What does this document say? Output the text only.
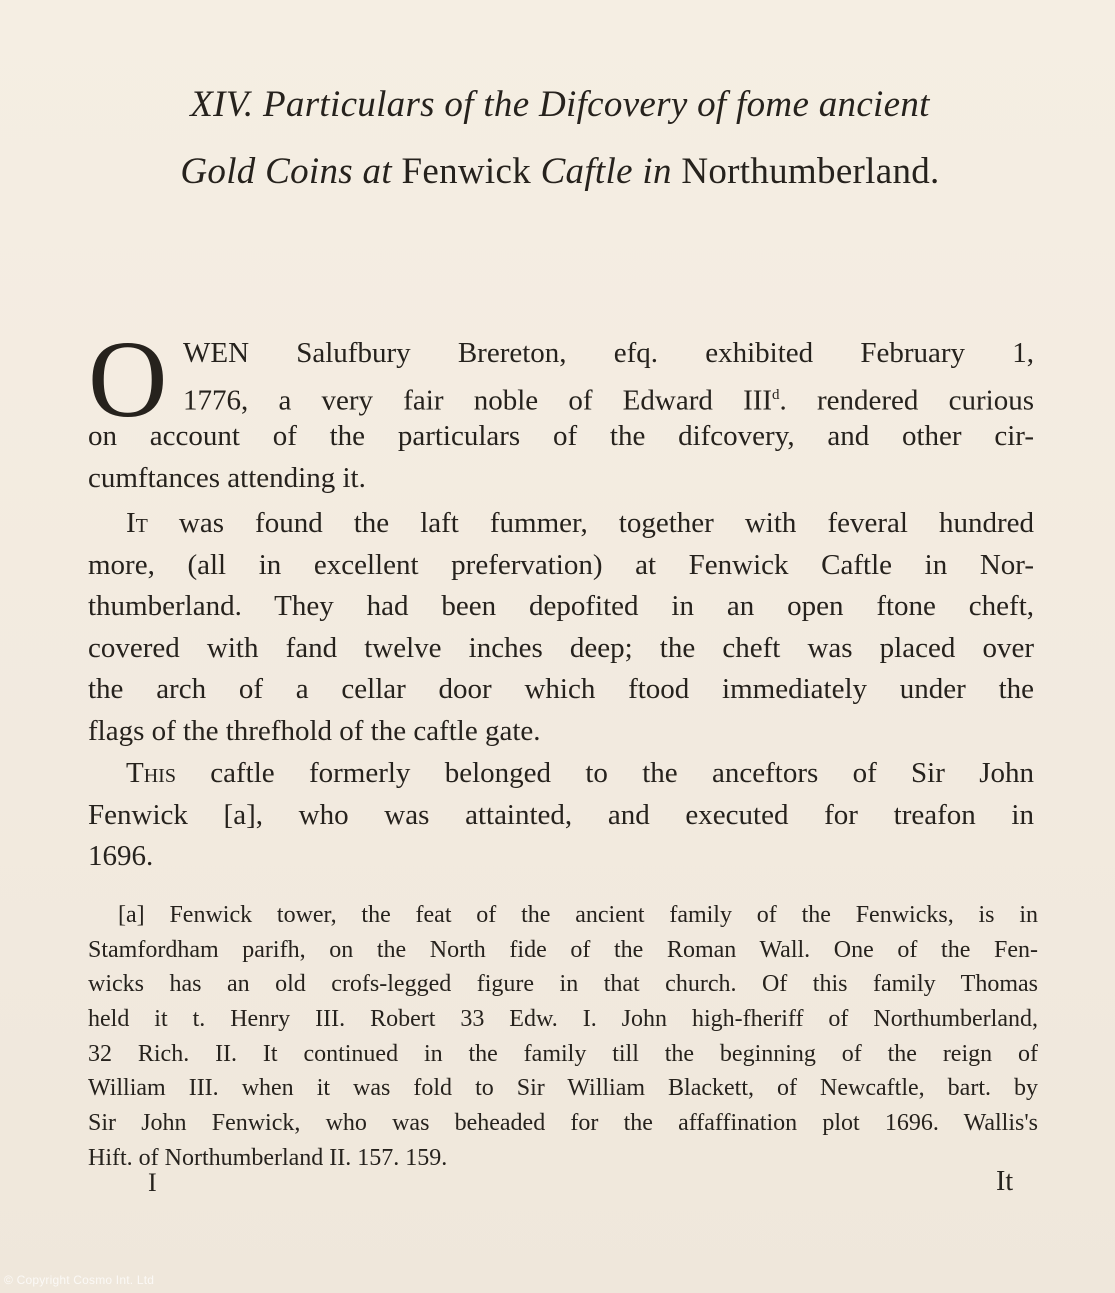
XIV. Particulars of the Difcovery of fome ancient
Gold Coins at Fenwick Caftle in Northumberland.
O WEN Salufbury Brereton, efq. exhibited February 1,
1776, a very fair noble of Edward III$^d$. rendered curious
on account of the particulars of the difcovery, and other cir-
cumftances attending it.
It was found the laft fummer, together with feveral hundred
more, (all in excellent prefervation) at Fenwick Caftle in Nor-
thumberland. They had been depofited in an open ftone cheft,
covered with fand twelve inches deep; the cheft was placed over
the arch of a cellar door which ftood immediately under the
flags of the threfhold of the caftle gate.
This caftle formerly belonged to the anceftors of Sir John
Fenwick [a], who was attainted, and executed for treafon in
1696.
[a] Fenwick tower, the feat of the ancient family of the Fenwicks, is in
Stamfordham parifh, on the North fide of the Roman Wall. One of the Fen-
wicks has an old crofs-legged figure in that church. Of this family Thomas
held it t. Henry III. Robert 33 Edw. I. John high-fheriff of Northumberland,
32 Rich. II. It continued in the family till the beginning of the reign of
William III. when it was fold to Sir William Blackett, of Newcaftle, bart. by
Sir John Fenwick, who was beheaded for the affaffination plot 1696. Wallis's
Hift. of Northumberland II. 157. 159.
I	It
© Copyright Cosmo Int. Ltd
